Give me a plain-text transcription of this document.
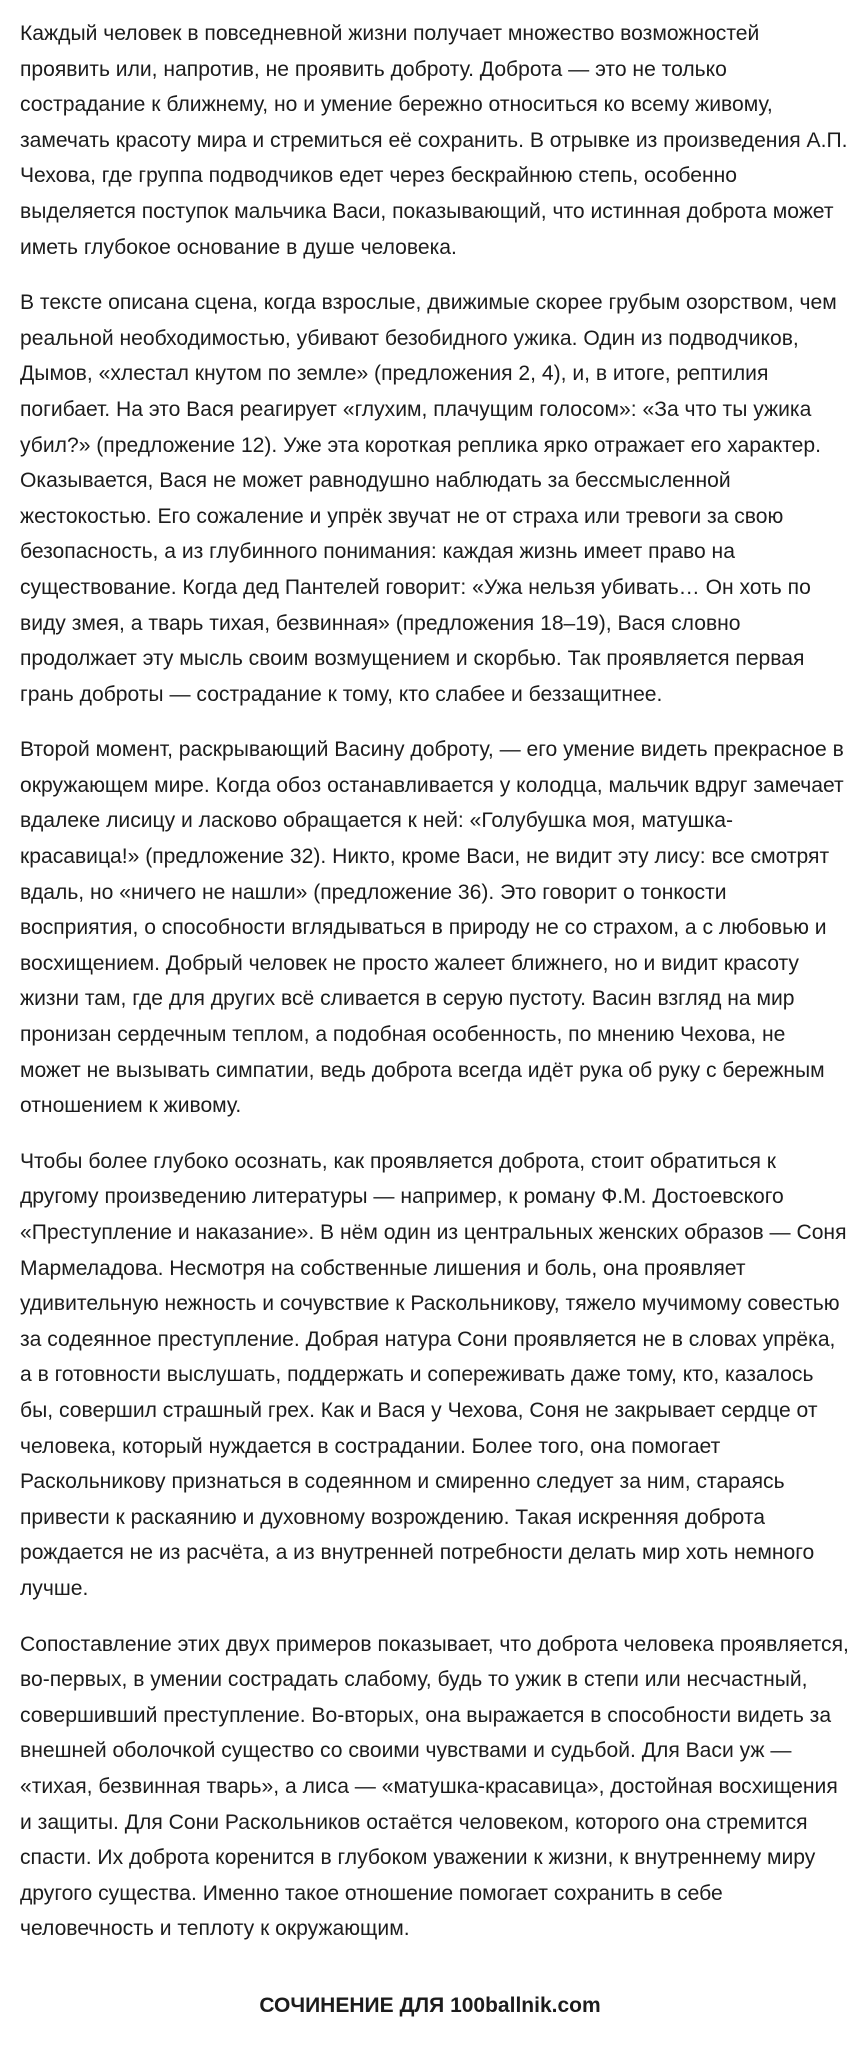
Каждый человек в повседневной жизни получает множество возможностей проявить или, напротив, не проявить доброту. Доброта — это не только сострадание к ближнему, но и умение бережно относиться ко всему живому, замечать красоту мира и стремиться её сохранить. В отрывке из произведения А.П. Чехова, где группа подводчиков едет через бескрайнюю степь, особенно выделяется поступок мальчика Васи, показывающий, что истинная доброта может иметь глубокое основание в душе человека.

В тексте описана сцена, когда взрослые, движимые скорее грубым озорством, чем реальной необходимостью, убивают безобидного ужика. Один из подводчиков, Дымов, «хлестал кнутом по земле» (предложения 2, 4), и, в итоге, рептилия погибает. На это Вася реагирует «глухим, плачущим голосом»: «За что ты ужика убил?» (предложение 12). Уже эта короткая реплика ярко отражает его характер. Оказывается, Вася не может равнодушно наблюдать за бессмысленной жестокостью. Его сожаление и упрёк звучат не от страха или тревоги за свою безопасность, а из глубинного понимания: каждая жизнь имеет право на существование. Когда дед Пантелей говорит: «Ужа нельзя убивать… Он хоть по виду змея, а тварь тихая, безвинная» (предложения 18–19), Вася словно продолжает эту мысль своим возмущением и скорбью. Так проявляется первая грань доброты — сострадание к тому, кто слабее и беззащитнее.

Второй момент, раскрывающий Васину доброту, — его умение видеть прекрасное в окружающем мире. Когда обоз останавливается у колодца, мальчик вдруг замечает вдалеке лисицу и ласково обращается к ней: «Голубушка моя, матушка-красавица!» (предложение 32). Никто, кроме Васи, не видит эту лису: все смотрят вдаль, но «ничего не нашли» (предложение 36). Это говорит о тонкости восприятия, о способности вглядываться в природу не со страхом, а с любовью и восхищением. Добрый человек не просто жалеет ближнего, но и видит красоту жизни там, где для других всё сливается в серую пустоту. Васин взгляд на мир пронизан сердечным теплом, а подобная особенность, по мнению Чехова, не может не вызывать симпатии, ведь доброта всегда идёт рука об руку с бережным отношением к живому.

Чтобы более глубоко осознать, как проявляется доброта, стоит обратиться к другому произведению литературы — например, к роману Ф.М. Достоевского «Преступление и наказание». В нём один из центральных женских образов — Соня Мармеладова. Несмотря на собственные лишения и боль, она проявляет удивительную нежность и сочувствие к Раскольникову, тяжело мучимому совестью за содеянное преступление. Добрая натура Сони проявляется не в словах упрёка, а в готовности выслушать, поддержать и сопереживать даже тому, кто, казалось бы, совершил страшный грех. Как и Вася у Чехова, Соня не закрывает сердце от человека, который нуждается в сострадании. Более того, она помогает Раскольникову признаться в содеянном и смиренно следует за ним, стараясь привести к раскаянию и духовному возрождению. Такая искренняя доброта рождается не из расчёта, а из внутренней потребности делать мир хоть немного лучше.

Сопоставление этих двух примеров показывает, что доброта человека проявляется, во-первых, в умении сострадать слабому, будь то ужик в степи или несчастный, совершивший преступление. Во-вторых, она выражается в способности видеть за внешней оболочкой существо со своими чувствами и судьбой. Для Васи уж — «тихая, безвинная тварь», а лиса — «матушка-красавица», достойная восхищения и защиты. Для Сони Раскольников остаётся человеком, которого она стремится спасти. Их доброта коренится в глубоком уважении к жизни, к внутреннему миру другого существа. Именно такое отношение помогает сохранить в себе человечность и теплоту к окружающим.

СОЧИНЕНИЕ ДЛЯ 100ballnik.com
